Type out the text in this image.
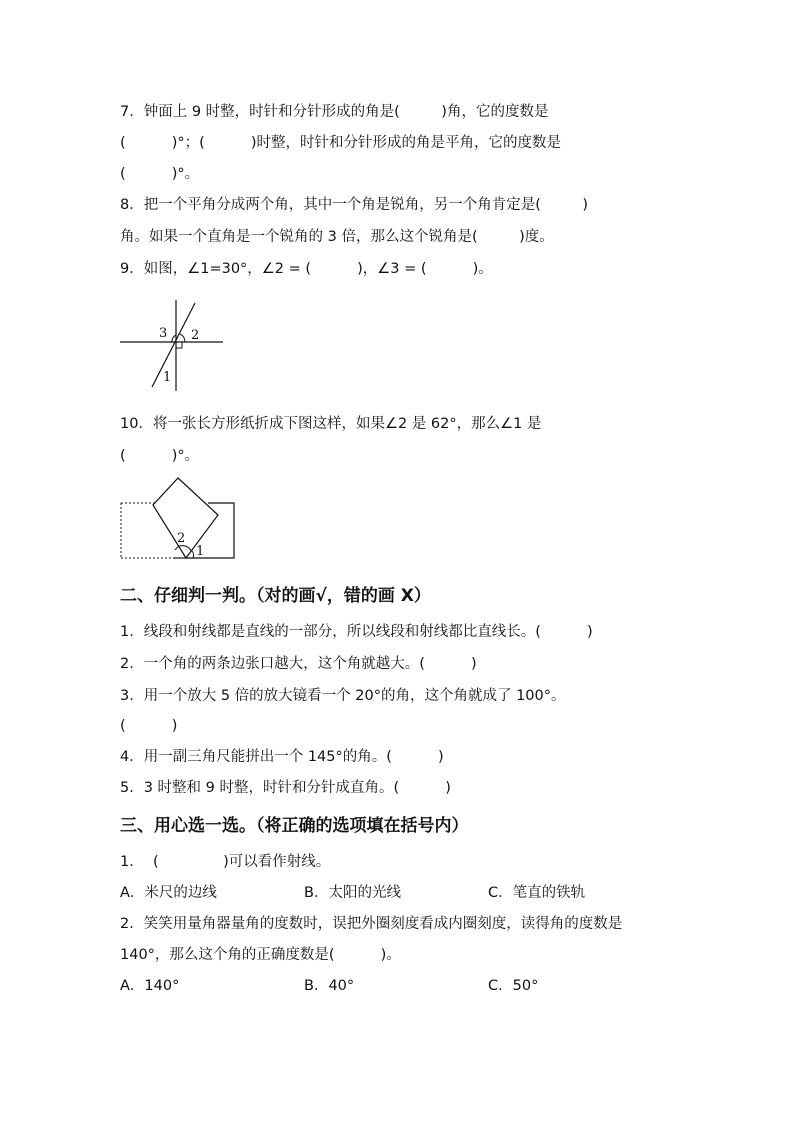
7．钟面上 9 时整，时针和分针形成的角是(         )角，它的度数是
(          )°；(          )时整，时针和分针形成的角是平角，它的度数是
(          )°。
8．把一个平角分成两个角，其中一个角是锐角，另一个角肯定是(         )
角。如果一个直角是一个锐角的 3 倍，那么这个锐角是(         )度。
9．如图，∠1=30°，∠2 = (          )，∠3 = (          )。
3 2
1
10．将一张长方形纸折成下图这样，如果∠2 是 62°，那么∠1 是
(          )°。
2
1
二、仔细判一判。（对的画√，错的画 X）
1．线段和射线都是直线的一部分，所以线段和射线都比直线长。(          )
2．一个角的两条边张口越大，这个角就越大。(          )
3．用一个放大 5 倍的放大镜看一个 20°的角，这个角就成了 100°。
(          )
4．用一副三角尺能拼出一个 145°的角。(          )
5．3 时整和 9 时整，时针和分针成直角。(          )
三、用心选一选。（将正确的选项填在括号内）
1．  (              )可以看作射线。
A．米尺的边线	B．太阳的光线	C．笔直的铁轨
2．笑笑用量角器量角的度数时，误把外圈刻度看成内圈刻度，读得角的度数是
140°，那么这个角的正确度数是(          )。
A．140°	B．40°	C．50°
